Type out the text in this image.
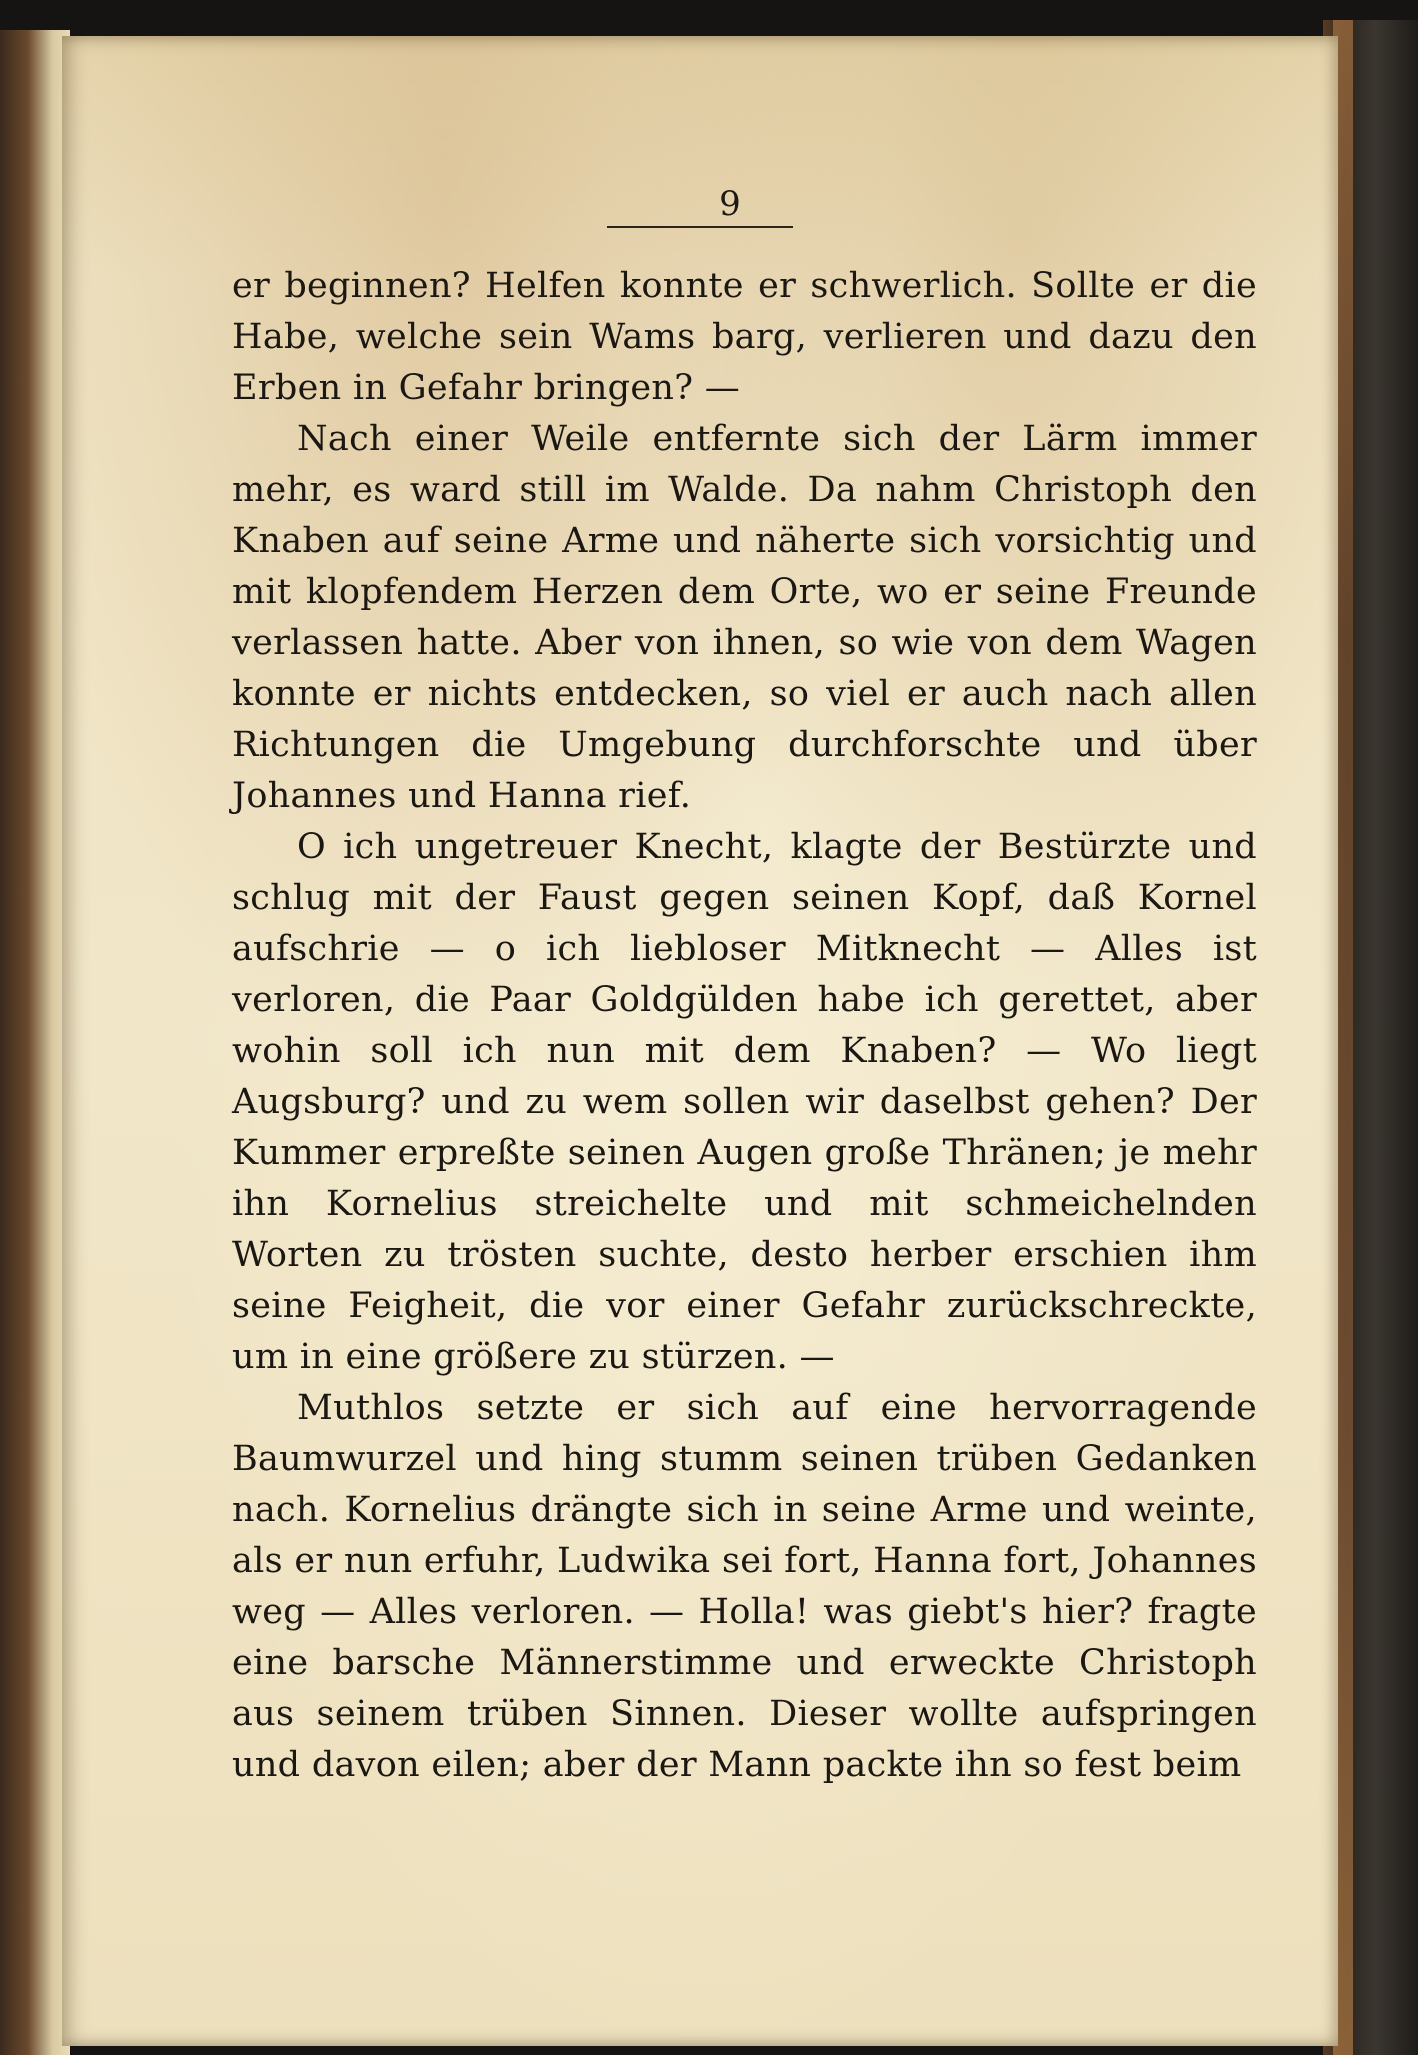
9

er beginnen? Helfen konnte er schwerlich. Sollte er die Habe, welche sein Wams barg, verlieren und dazu den Erben in Gefahr bringen? —

Nach einer Weile entfernte sich der Lärm immer mehr, es ward still im Walde. Da nahm Christoph den Knaben auf seine Arme und näherte sich vorsichtig und mit klopfendem Herzen dem Orte, wo er seine Freunde verlassen hatte. Aber von ihnen, so wie von dem Wagen konnte er nichts entdecken, so viel er auch nach allen Richtungen die Umgebung durchforschte und über Johannes und Hanna rief.

O ich ungetreuer Knecht, klagte der Bestürzte und schlug mit der Faust gegen seinen Kopf, daß Kornel aufschrie — o ich liebloser Mitknecht — Alles ist verloren, die Paar Goldgülden habe ich gerettet, aber wohin soll ich nun mit dem Knaben? — Wo liegt Augsburg? und zu wem sollen wir daselbst gehen? Der Kummer erpreßte seinen Augen große Thränen; je mehr ihn Kornelius streichelte und mit schmeichelnden Worten zu trösten suchte, desto herber erschien ihm seine Feigheit, die vor einer Gefahr zurückschreckte, um in eine größere zu stürzen. —

Muthlos setzte er sich auf eine hervorragende Baumwurzel und hing stumm seinen trüben Gedanken nach. Kornelius drängte sich in seine Arme und weinte, als er nun erfuhr, Ludwika sei fort, Hanna fort, Johannes weg — Alles verloren. — Holla! was giebt's hier? fragte eine barsche Männerstimme und erweckte Christoph aus seinem trüben Sinnen. Dieser wollte aufspringen und davon eilen; aber der Mann packte ihn so fest beim
